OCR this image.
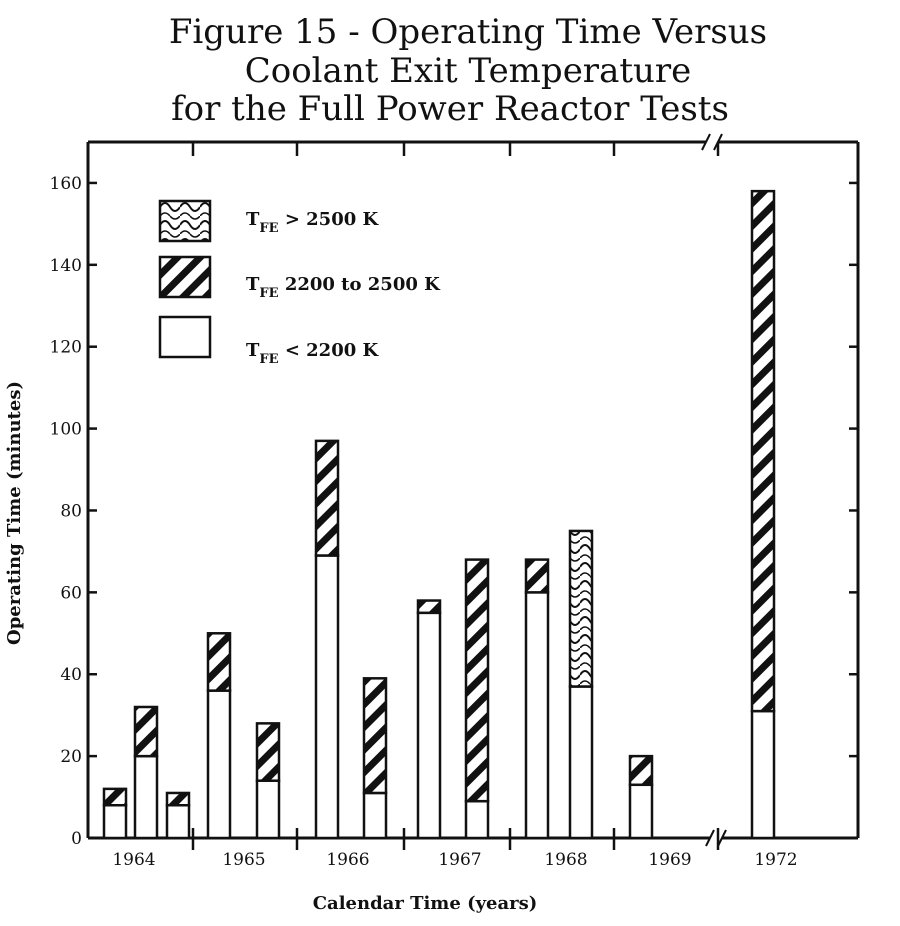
Figure 15 - Operating Time Versus
Coolant Exit Temperature
for the Full Power Reactor Tests
0
20
40
60
80
100
120
140
160
1964	1965	1966	1967	1968	1969	1972
$T_{FE} > 2500$ K
$T_{FE}$ 2200 to 2500 K
$T_{FE} < 2200$ K
Operating Time (minutes)
Calendar Time (years)
